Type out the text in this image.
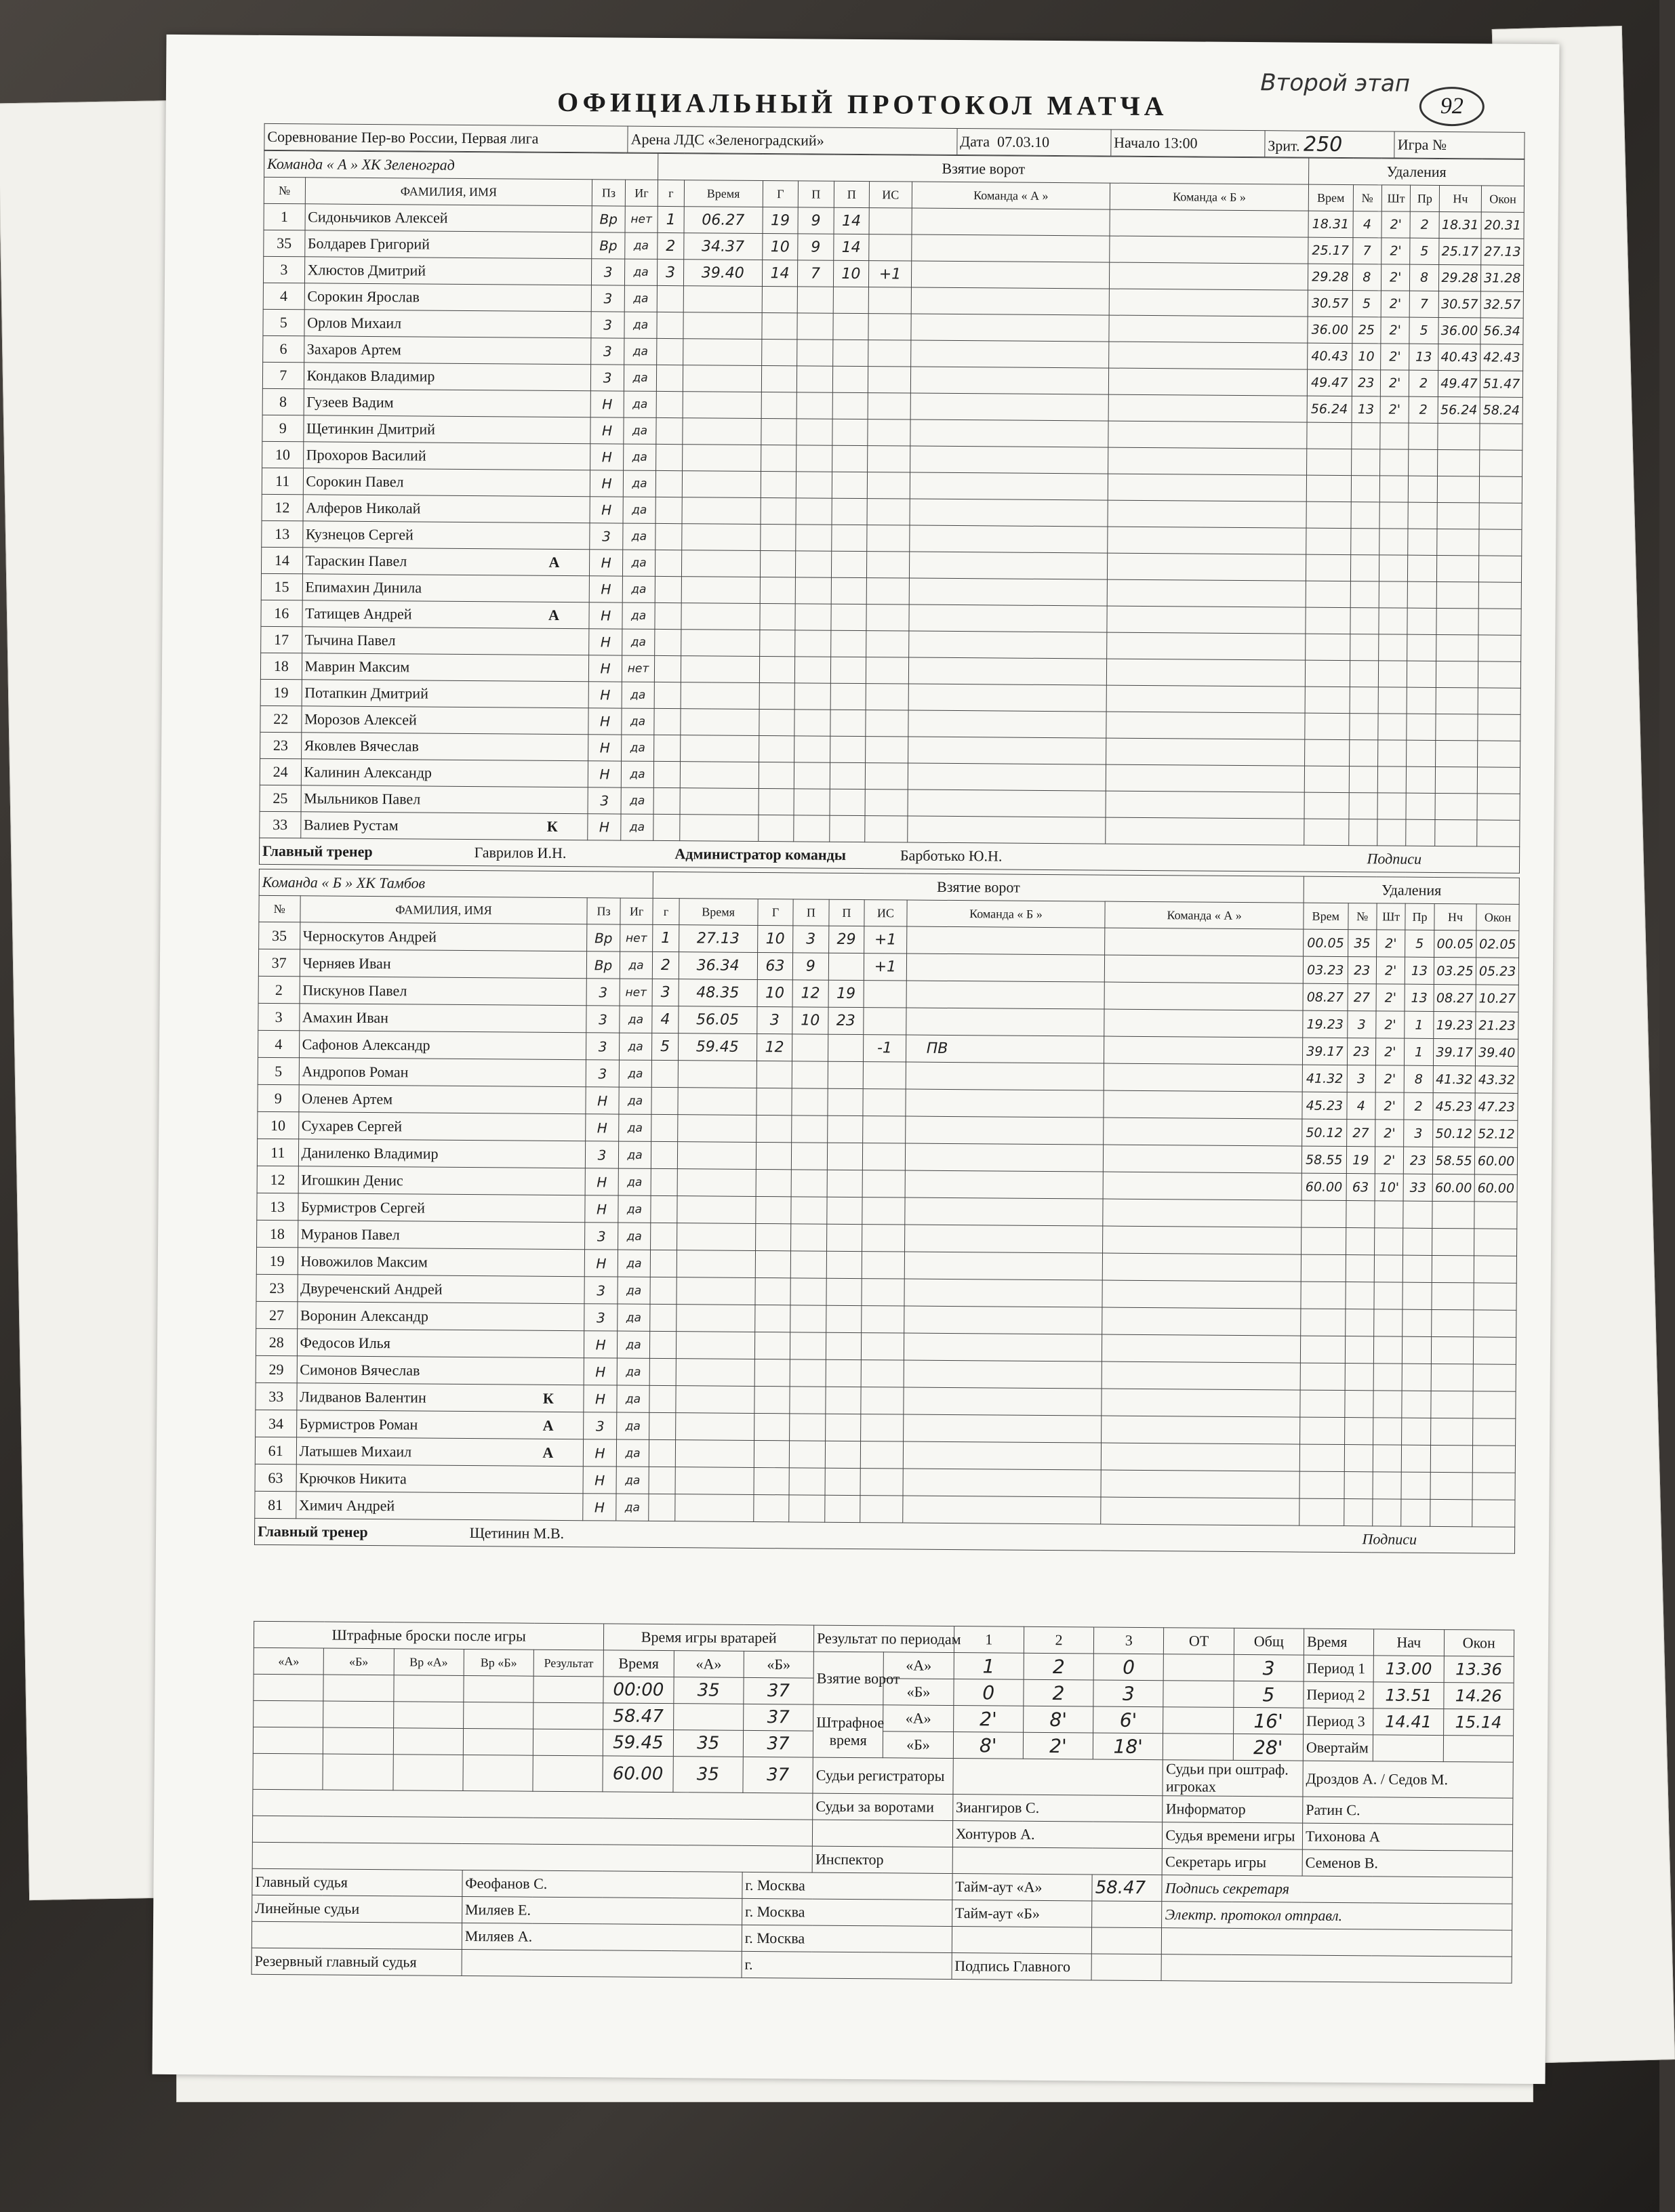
ОФИЦИАЛЬНЫЙ ПРОТОКОЛ МАТЧА
Второй этап
92
Соревнование Пер-во России, Первая лига	Арена ЛДС «Зеленоградский»	Дата 07.03.10	Начало 13:00	Зрит. 250	Игра №
Команда « А » ХК Зеленоград				Взятие ворот								Удаления					
№	ФАМИЛИЯ, ИМЯ	Пз	Иг	г	Время	Г	П	П	ИС	Команда « А »	Команда « Б »	Врем	№	Шт	Пр	Нч	Окон
1	Сидоньчиков Алексей	Вр	нет	1	06.27	19	9	14				18.31	4	2'	2	18.31	20.31
35	Болдарев Григорий	Вр	да	2	34.37	10	9	14				25.17	7	2'	5	25.17	27.13
3	Хлюстов Дмитрий	3	да	3	39.40	14	7	10	+1			29.28	8	2'	8	29.28	31.28
4	Сорокин Ярослав	3	да									30.57	5	2'	7	30.57	32.57
5	Орлов Михаил	3	да									36.00	25	2'	5	36.00	56.34
6	Захаров Артем	3	да									40.43	10	2'	13	40.43	42.43
7	Кондаков Владимир	3	да									49.47	23	2'	2	49.47	51.47
8	Гузеев Вадим	Н	да									56.24	13	2'	2	56.24	58.24
9	Щетинкин Дмитрий	Н	да														
10	Прохоров Василий	Н	да														
11	Сорокин Павел	Н	да														
12	Алферов Николай	Н	да														
13	Кузнецов Сергей	3	да														
14	Тараскин Павел А	Н	да														
15	Епимахин Динила	Н	да														
16	Татищев Андрей А	Н	да														
17	Тычина Павел	Н	да														
18	Маврин Максим	Н	нет														
19	Потапкин Дмитрий	Н	да														
22	Морозов Алексей	Н	да														
23	Яковлев Вячеслав	Н	да														
24	Калинин Александр	Н	да														
25	Мыльников Павел	3	да														
33	Валиев Рустам К	Н	да														
Главный тренер Гаврилов И.Н. Администратор команды Барботько Ю.Н. Подписи																	
Команда « Б » ХК Тамбов				Взятие ворот								Удаления					
№	ФАМИЛИЯ, ИМЯ	Пз	Иг	г	Время	Г	П	П	ИС	Команда « Б »	Команда « А »	Врем	№	Шт	Пр	Нч	Окон
35	Черноскутов Андрей	Вр	нет	1	27.13	10	3	29	+1			00.05	35	2'	5	00.05	02.05
37	Черняев Иван	Вр	да	2	36.34	63	9		+1			03.23	23	2'	13	03.25	05.23
2	Пискунов Павел	3	нет	3	48.35	10	12	19				08.27	27	2'	13	08.27	10.27
3	Амахин Иван	3	да	4	56.05	3	10	23				19.23	3	2'	1	19.23	21.23
4	Сафонов Александр	3	да	5	59.45	12			-1	ПВ		39.17	23	2'	1	39.17	39.40
5	Андропов Роман	3	да									41.32	3	2'	8	41.32	43.32
9	Оленев Артем	Н	да									45.23	4	2'	2	45.23	47.23
10	Сухарев Сергей	Н	да									50.12	27	2'	3	50.12	52.12
11	Даниленко Владимир	3	да									58.55	19	2'	23	58.55	60.00
12	Игошкин Денис	Н	да									60.00	63	10'	33	60.00	60.00
13	Бурмистров Сергей	Н	да														
18	Муранов Павел	3	да														
19	Новожилов Максим	Н	да														
23	Двуреченский Андрей	3	да														
27	Воронин Александр	3	да														
28	Федосов Илья	Н	да														
29	Симонов Вячеслав	Н	да														
33	Лидванов Валентин К	Н	да														
34	Бурмистров Роман А	3	да														
61	Латышев Михаил А	Н	да														
63	Крючков Никита	Н	да														
81	Химич Андрей	Н	да														
Главный тренер Щетинин М.В. Подписи																	
Штрафные броски после игры					Время игры вратарей			Результат по периодам		1	2	3	ОТ	Общ	Время	Нач	Окон
«А»	«Б»	Вр «А»	Вр «Б»	Результат	Время	«А»	«Б»	Взятие ворот	«А»	1	2	0		3	Период 1	13.00	13.36
					00:00	35	37		«Б»	0	2	3		5	Период 2	13.51	14.26
					58.47		37	Штрафное время	«А»	2'	8'	6'		16'	Период 3	14.41	15.14
					59.45	35	37		«Б»	8'	2'	18'		28'	Овертайм		
					60.00	35	37	Судьи регистраторы					Судьи при оштраф. игроках		Дроздов А. / Седов М.		
								Судьи за воротами		Зиангиров С.			Информатор		Ратин С.		
										Хонтуров А.			Судья времени игры		Тихонова А		
								Инспектор					Секретарь игры		Семенов В.		
Главный судья			Феофанов С.				г. Москва			Тайм-аут «А»		58.47	Подпись секретаря				
Линейные судьи			Миляев Е.				г. Москва			Тайм-аут «Б»			Электр. протокол отправл.				
			Миляев А.				г. Москва										
Резервный главный судья							г.			Подпись Главного							
